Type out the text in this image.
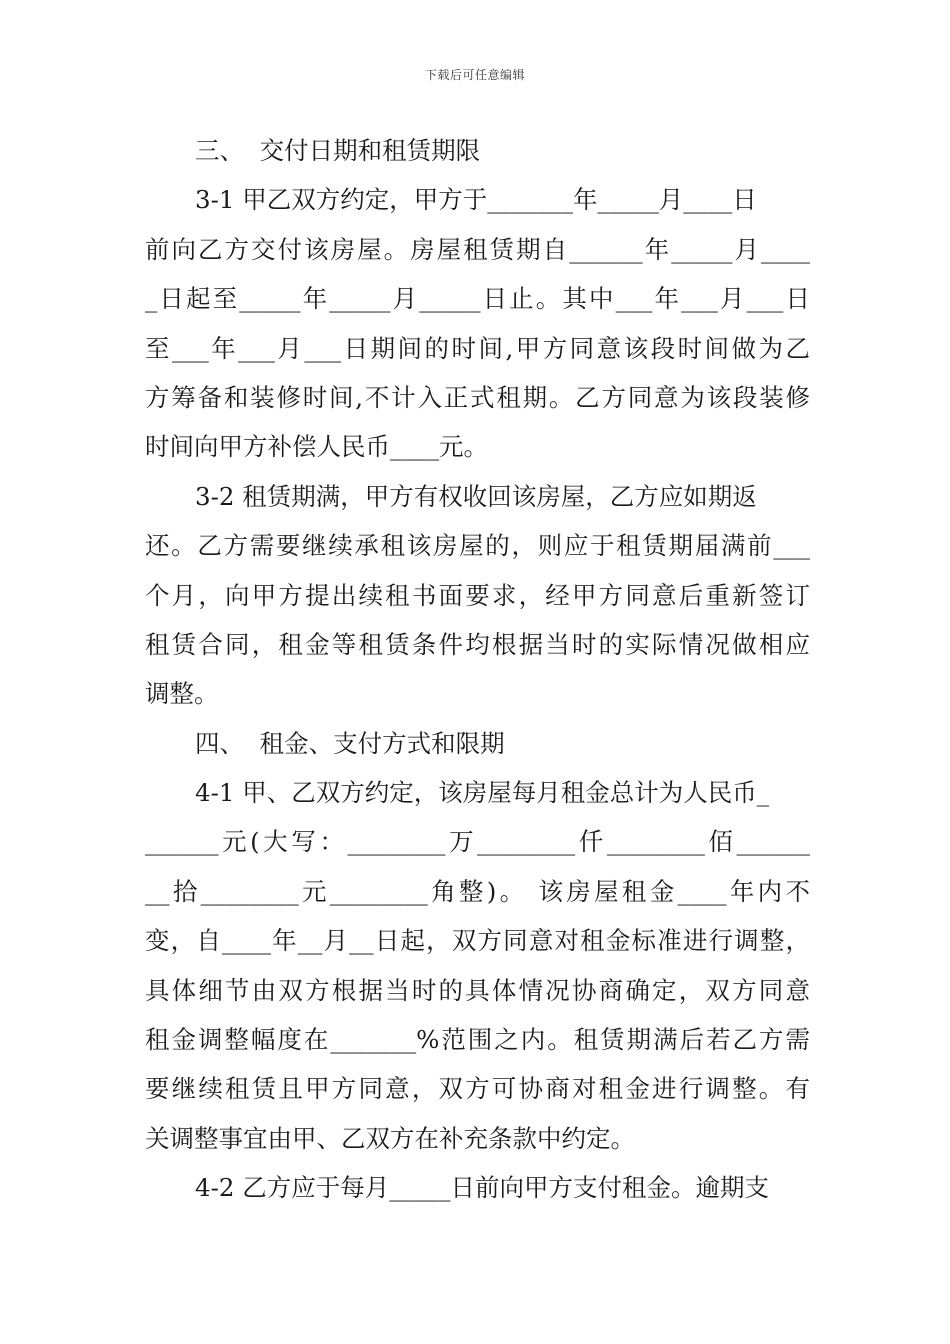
下载后可任意编辑
三、  交付日期和租赁期限
3-1 甲乙双方约定，甲方于_______年_____月____日
前向乙方交付该房屋。房屋租赁期自______年_____月____
_日起至_____年_____月_____日止。其中___年___月___日
至___年___月___日期间的时间,甲方同意该段时间做为乙
方筹备和装修时间,不计入正式租期。乙方同意为该段装修
时间向甲方补偿人民币____元。
3-2 租赁期满，甲方有权收回该房屋，乙方应如期返
还。乙方需要继续承租该房屋的，则应于租赁期届满前___
个月，向甲方提出续租书面要求，经甲方同意后重新签订
租赁合同，租金等租赁条件均根据当时的实际情况做相应
调整。
四、  租金、支付方式和限期
4-1 甲、乙双方约定，该房屋每月租金总计为人民币_
______元(大写：________万________仟________佰______
__拾________元________角整)。 该房屋租金____年内不
变，自____年__月__日起，双方同意对租金标准进行调整，
具体细节由双方根据当时的具体情况协商确定，双方同意
租金调整幅度在_______%范围之内。租赁期满后若乙方需
要继续租赁且甲方同意，双方可协商对租金进行调整。有
关调整事宜由甲、乙双方在补充条款中约定。
4-2 乙方应于每月_____日前向甲方支付租金。逾期支
